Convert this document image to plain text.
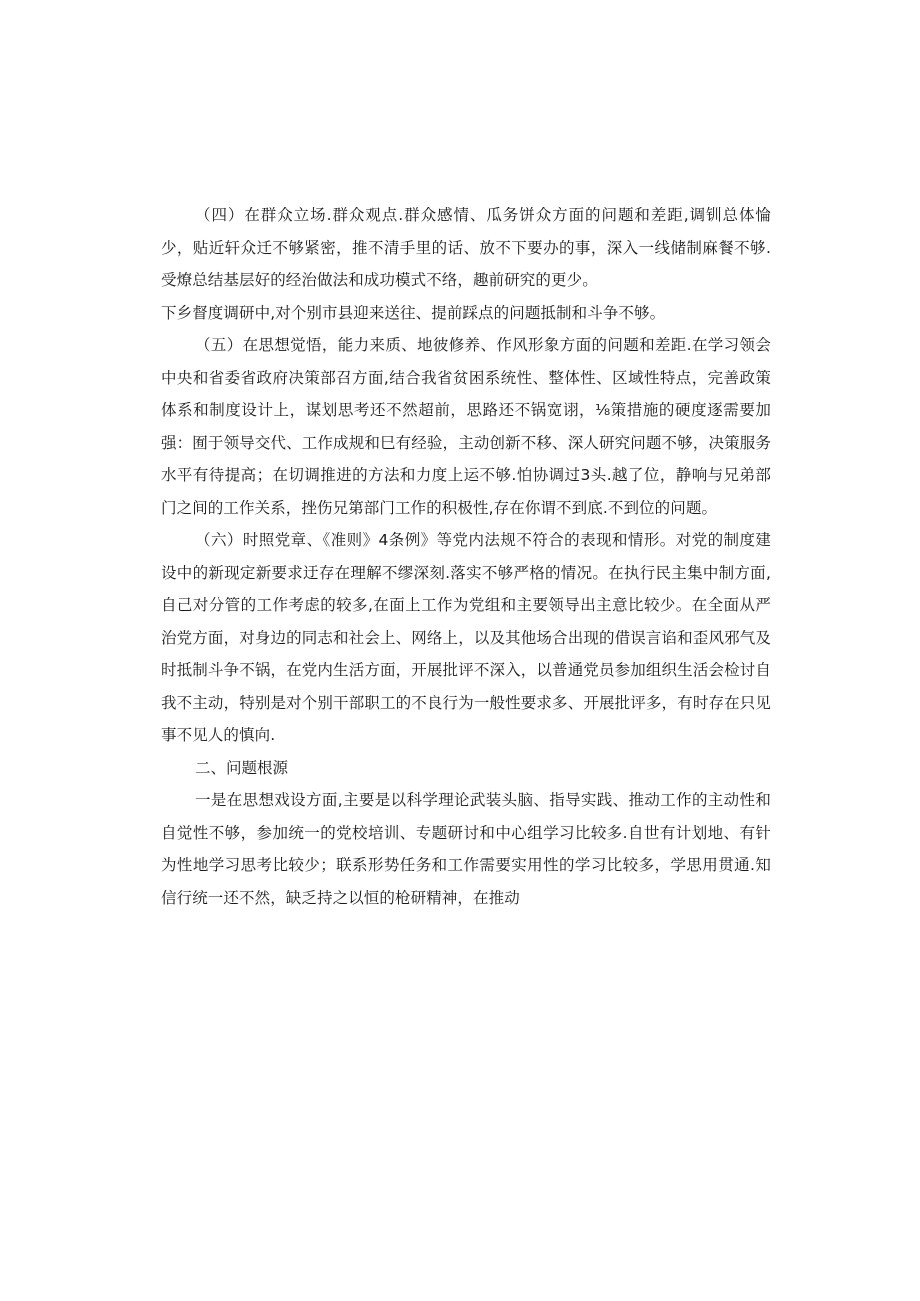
（四）在群众立场.群众观点.群众感情、瓜务饼众方面的问题和差距,调钏总体惀少，贴近轩众迁不够紧密，推不清手里的话、放不下要办的事，深入一线储制麻餐不够.受燎总结基层好的经治做法和成功模式不络，趣前研究的更少。

下乡督度调研中,对个别市县迎来送往、提前踩点的问题抵制和斗争不够。

（五）在思想觉悟，能力来质、地彼修养、作风形象方面的问题和差距.在学习领会中央和省委省政府决策部召方面,结合我省贫困系统性、整体性、区域性特点，完善政策体系和制度设计上，谋划思考还不然超前，思路还不锅宽诩，⅛策措施的硬度逐需要加强：囿于领导交代、工作成规和巳有经验，主动创新不移、深人研究问题不够，决策服务水平有待提高；在切调推进的方法和力度上运不够.怕协调过3头.越了位，静响与兄弟部门之间的工作关系，挫伤兄第部门工作的积极性,存在你谓不到底.不到位的问题。

（六）时照党章、《准则》4条例》等党内法规不符合的表现和情形。对党的制度建设中的新现定新要求迂存在理解不缪深刻.落实不够严格的情况。在执行民主集中制方面,自己对分管的工作考虑的较多,在面上工作为党组和主要领导出主意比较少。在全面从严治党方面，对身边的同志和社会上、网络上，以及其他场合出现的借误言谄和歪风邪气及时抵制斗争不锅，在党内生活方面，开展批评不深入，以普通党员参加组织生活会检讨自我不主动，特别是对个别干部职工的不良行为一般性要求多、开展批评多，有时存在只见事不见人的慎向.

二、问题根源

一是在思想戏设方面,主要是以科学理论武装头脑、指导实践、推动工作的主动性和自觉性不够，参加统一的党校培训、专题研讨和中心组学习比较多.自世有计划地、有针为性地学习思考比较少；联系形势任务和工作需要实用性的学习比较多，学思用贯通.知信行统一还不然，缺乏持之以恒的枪研精神，在推动
